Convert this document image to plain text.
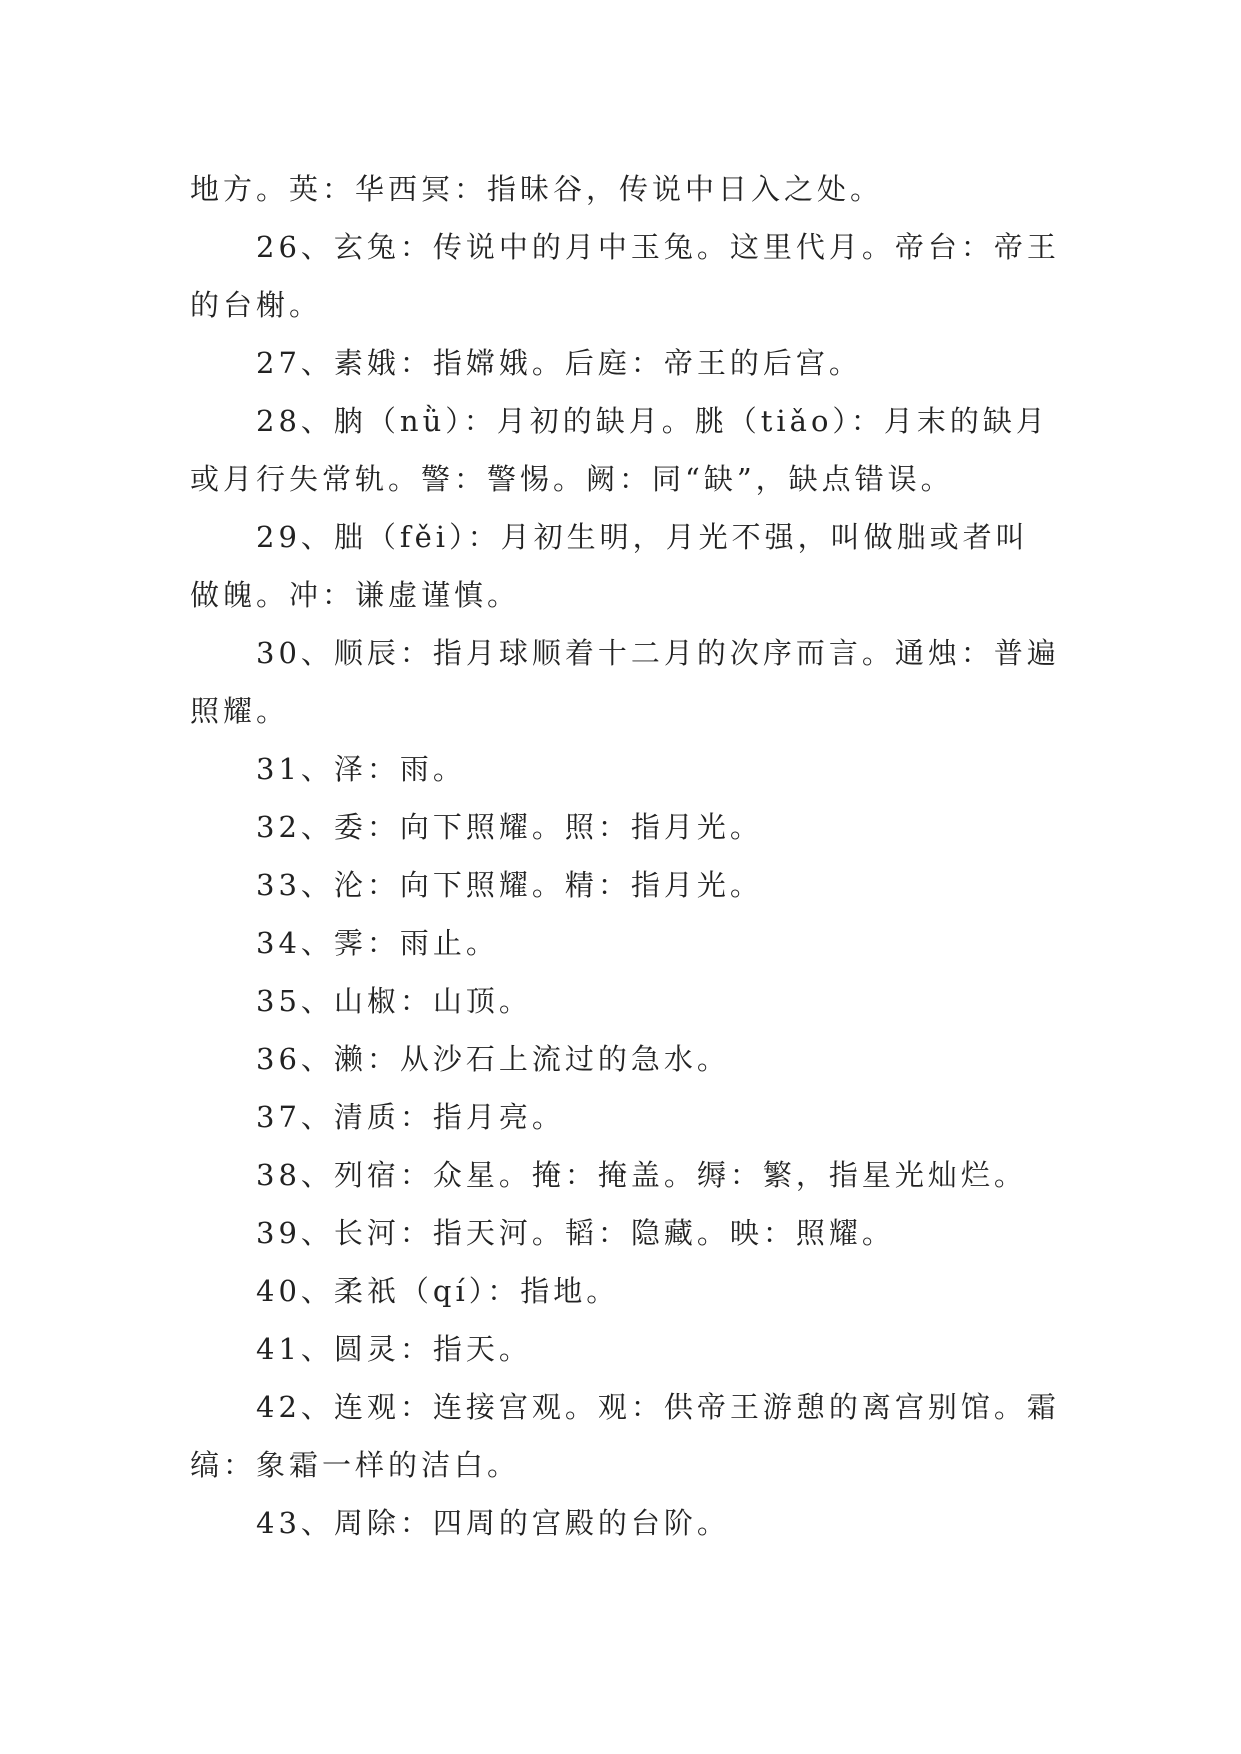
地方。英：华西冥：指昧谷，传说中日入之处。

26、玄兔：传说中的月中玉兔。这里代月。帝台：帝王的台榭。

27、素娥：指嫦娥。后庭：帝王的后宫。

28、朒（nǜ）：月初的缺月。朓（tiǎo）：月末的缺月或月行失常轨。警：警惕。阙：同“缺”，缺点错误。

29、朏（fěi）：月初生明，月光不强，叫做朏或者叫做魄。冲：谦虚谨慎。

30、顺辰：指月球顺着十二月的次序而言。通烛：普遍照耀。

31、泽：雨。

32、委：向下照耀。照：指月光。

33、沦：向下照耀。精：指月光。

34、霁：雨止。

35、山椒：山顶。

36、濑：从沙石上流过的急水。

37、清质：指月亮。

38、列宿：众星。掩：掩盖。缛：繁，指星光灿烂。

39、长河：指天河。韬：隐藏。映：照耀。

40、柔祇（qí）：指地。

41、圆灵：指天。

42、连观：连接宫观。观：供帝王游憩的离宫别馆。霜缟：象霜一样的洁白。

43、周除：四周的宫殿的台阶。
